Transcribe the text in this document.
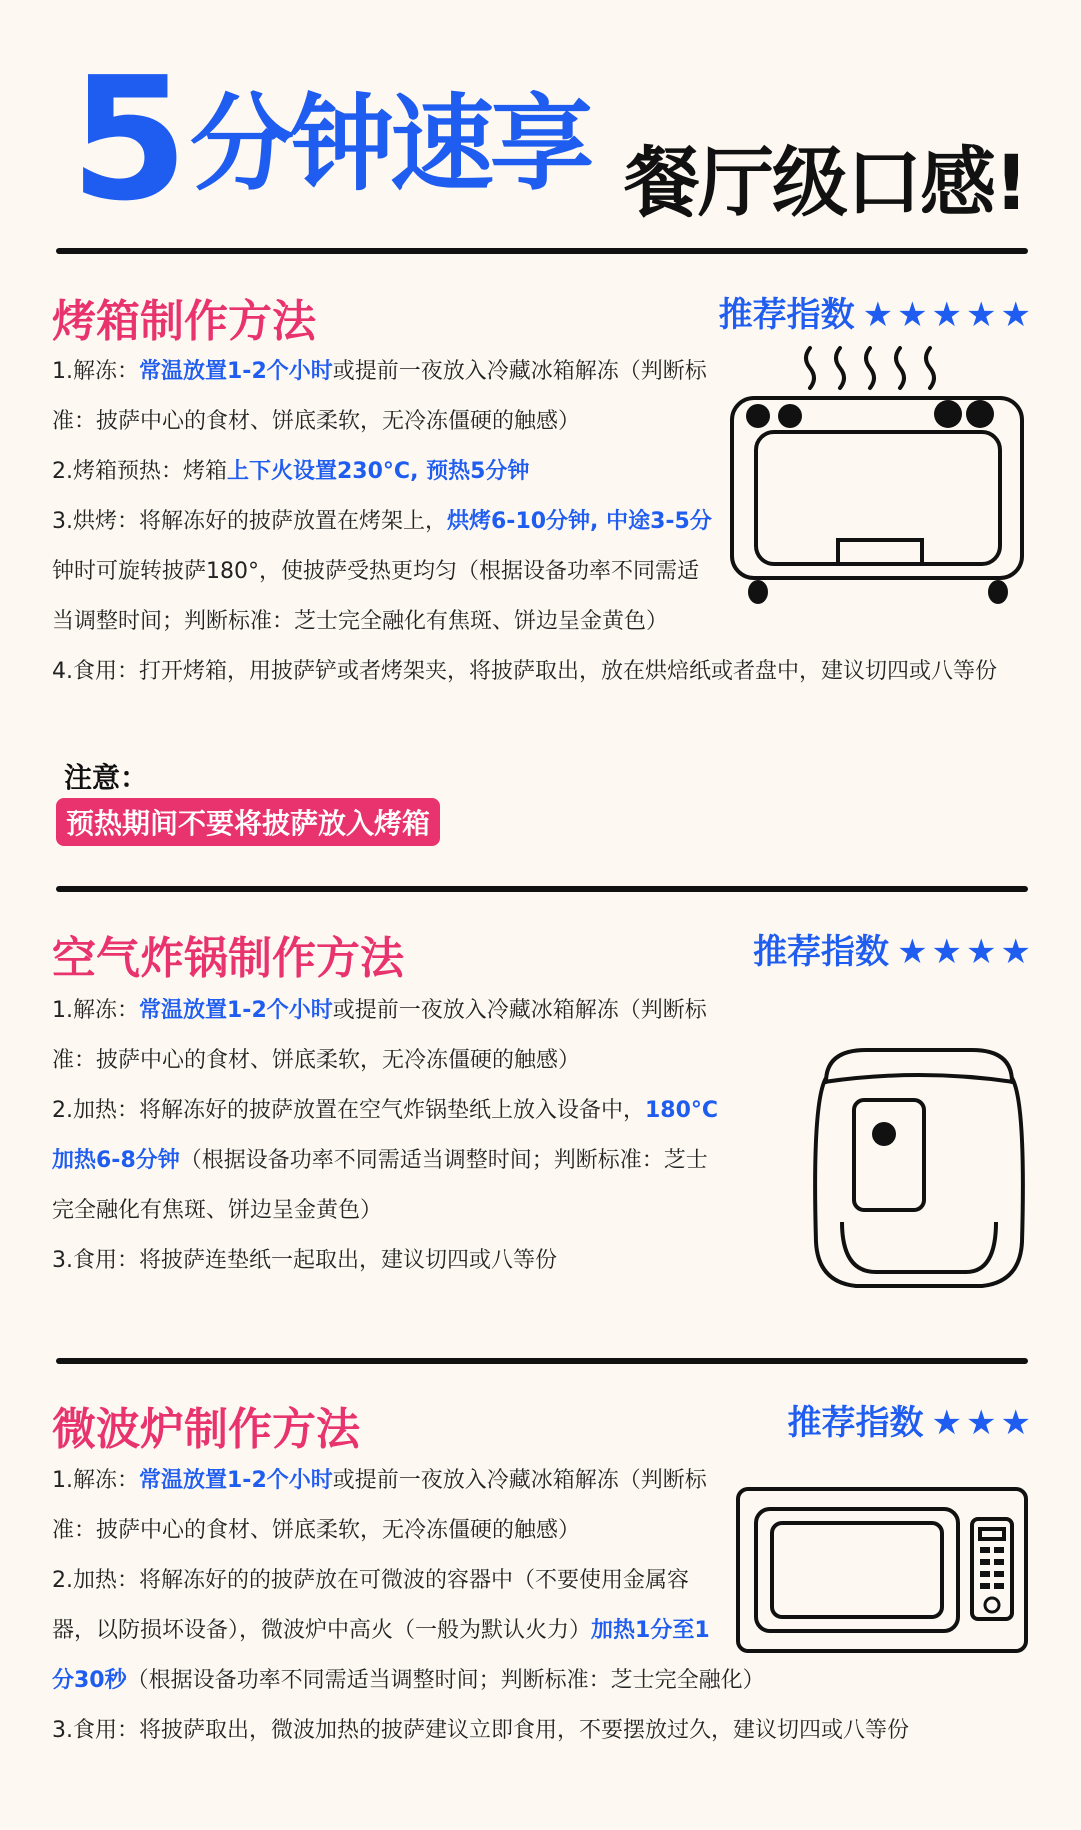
5 分钟速享 餐厅级口感!
烤箱制作方法	推荐指数 ★ ★ ★ ★ ★
1.解冻：常温放置1-2个小时或提前一夜放入冷藏冰箱解冻（判断标
准：披萨中心的食材、饼底柔软，无冷冻僵硬的触感）
2.烤箱预热：烤箱上下火设置230°C, 预热5分钟
3.烘烤：将解冻好的披萨放置在烤架上，烘烤6-10分钟, 中途3-5分
钟时可旋转披萨180°，使披萨受热更均匀（根据设备功率不同需适
当调整时间；判断标准：芝士完全融化有焦斑、饼边呈金黄色）
4.食用：打开烤箱，用披萨铲或者烤架夹，将披萨取出，放在烘焙纸或者盘中，建议切四或八等份
注意：
预热期间不要将披萨放入烤箱
空气炸锅制作方法	推荐指数 ★ ★ ★ ★
1.解冻：常温放置1-2个小时或提前一夜放入冷藏冰箱解冻（判断标
准：披萨中心的食材、饼底柔软，无冷冻僵硬的触感）
2.加热：将解冻好的披萨放置在空气炸锅垫纸上放入设备中，180°C
加热6-8分钟（根据设备功率不同需适当调整时间；判断标准：芝士
完全融化有焦斑、饼边呈金黄色）
3.食用：将披萨连垫纸一起取出，建议切四或八等份
微波炉制作方法	推荐指数 ★ ★ ★
1.解冻：常温放置1-2个小时或提前一夜放入冷藏冰箱解冻（判断标
准：披萨中心的食材、饼底柔软，无冷冻僵硬的触感）
2.加热：将解冻好的的披萨放在可微波的容器中（不要使用金属容
器，以防损坏设备），微波炉中高火（一般为默认火力）加热1分至1
分30秒（根据设备功率不同需适当调整时间；判断标准：芝士完全融化）
3.食用：将披萨取出，微波加热的披萨建议立即食用，不要摆放过久，建议切四或八等份
